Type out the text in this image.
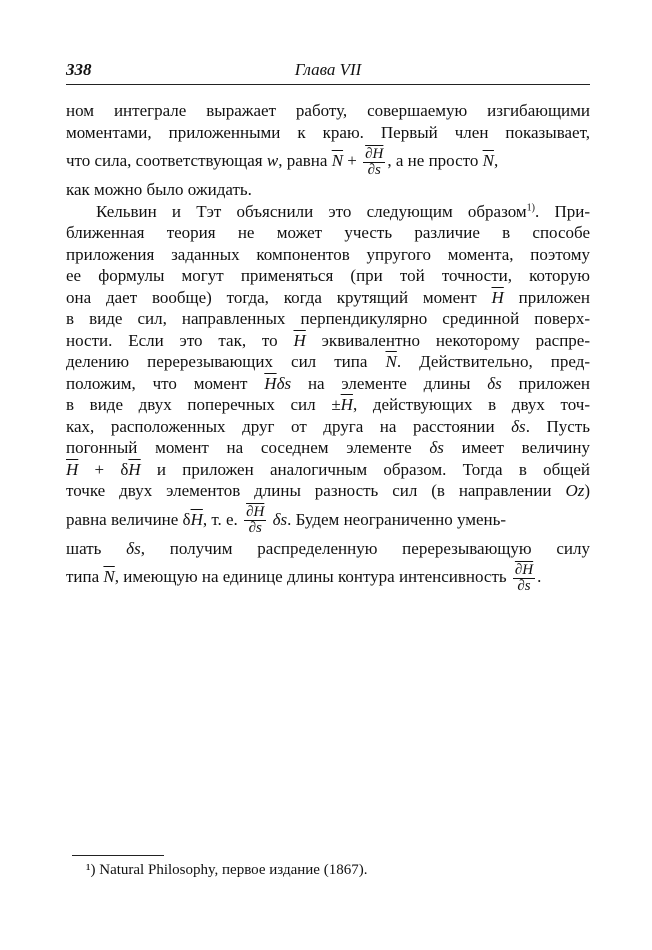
338	Глава VII
ном интеграле выражает работу, совершаемую изгибающими
моментами, приложенными к краю. Первый член показывает,
что сила, соответствующая w, равна $\overline{N} + \frac{\partial H}{\partial s}$ , а не просто $\overline{N}$,
как можно было ожидать.
Кельвин и Тэт объяснили это следующим образом$^{1)}$. При-
ближенная теория не может учесть различие в способе
приложения заданных компонентов упругого момента, поэтому
ее формулы могут применяться (при той точности, которую
она дает вообще) тогда, когда крутящий момент $\overline{H}$ приложен
в виде сил, направленных перпендикулярно срединной поверх-
ности. Если это так, то $\overline{H}$ эквивалентно некоторому распре-
делению перерезывающих сил типа $\overline{N}$. Действительно, пред-
положим, что момент $\overline{H}\delta s$ на элементе длины δs приложен
в виде двух поперечных сил $\pm\overline{H}$, действующих в двух точ-
ках, расположенных друг от друга на расстоянии δs. Пусть
погонный момент на соседнем элементе δs имеет величину
$\overline{H} + \delta\overline{H}$ и приложен аналогичным образом. Тогда в общей
точке двух элементов длины разность сил (в направлении Oz)
равна величине $\delta\overline{H}$, т. е. $\frac{\partial H}{\partial s} \delta s$. Будем неограниченно умень-
шать δs, получим распределенную перерезывающую силу
типа $\overline{N}$, имеющую на единице длины контура интенсивность $\frac{\partial H}{\partial s}$ .
¹) Natural Philosophy, первое издание (1867).
